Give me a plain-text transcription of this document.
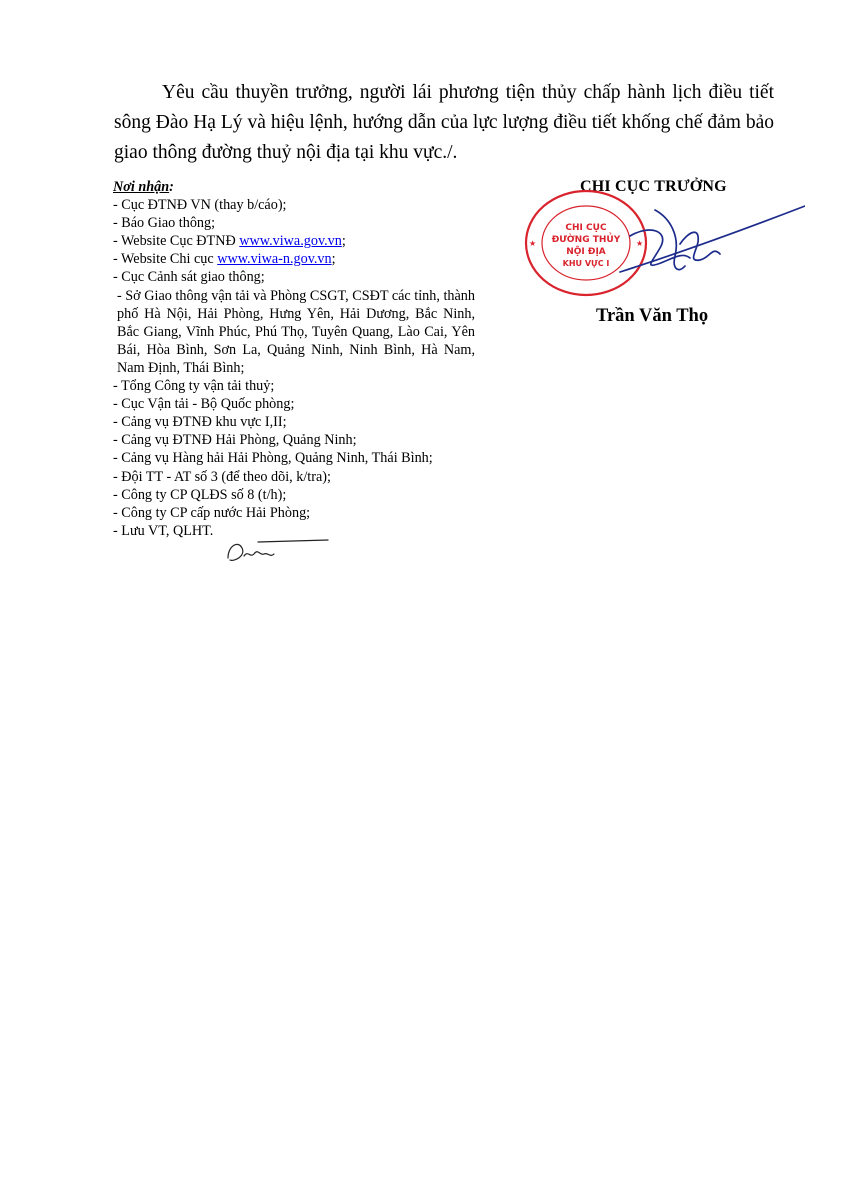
Yêu cầu thuyền trưởng, người lái phương tiện thủy chấp hành lịch điều tiết sông Đào Hạ Lý và hiệu lệnh, hướng dẫn của lực lượng điều tiết khống chế đảm bảo giao thông đường thuỷ nội địa tại khu vực./.
Nơi nhận:
- Cục ĐTNĐ VN (thay b/cáo);
- Báo Giao thông;
- Website Cục ĐTNĐ www.viwa.gov.vn;
- Website Chi cục www.viwa-n.gov.vn;
- Cục Cảnh sát giao thông;
- Sở Giao thông vận tải và Phòng CSGT, CSĐT các tỉnh, thành phố Hà Nội, Hải Phòng, Hưng Yên, Hải Dương, Bắc Ninh, Bắc Giang, Vĩnh Phúc, Phú Thọ, Tuyên Quang, Lào Cai, Yên Bái, Hòa Bình, Sơn La, Quảng Ninh, Ninh Bình, Hà Nam, Nam Định, Thái Bình;
- Tổng Công ty vận tải thuỷ;
- Cục Vận tải - Bộ Quốc phòng;
- Cảng vụ ĐTNĐ khu vực I,II;
- Cảng vụ ĐTNĐ Hải Phòng, Quảng Ninh;
- Cảng vụ Hàng hải Hải Phòng, Quảng Ninh, Thái Bình;
- Đội TT - AT số 3 (để theo dõi, k/tra);
- Công ty CP QLĐS số 8 (t/h);
- Công ty CP cấp nước Hải Phòng;
- Lưu VT, QLHT.
CHI CỤC TRƯỞNG
★	★
CHI CỤC
ĐƯỜNG THỦY
NỘI ĐỊA
KHU VỰC I
Trần Văn Thọ
